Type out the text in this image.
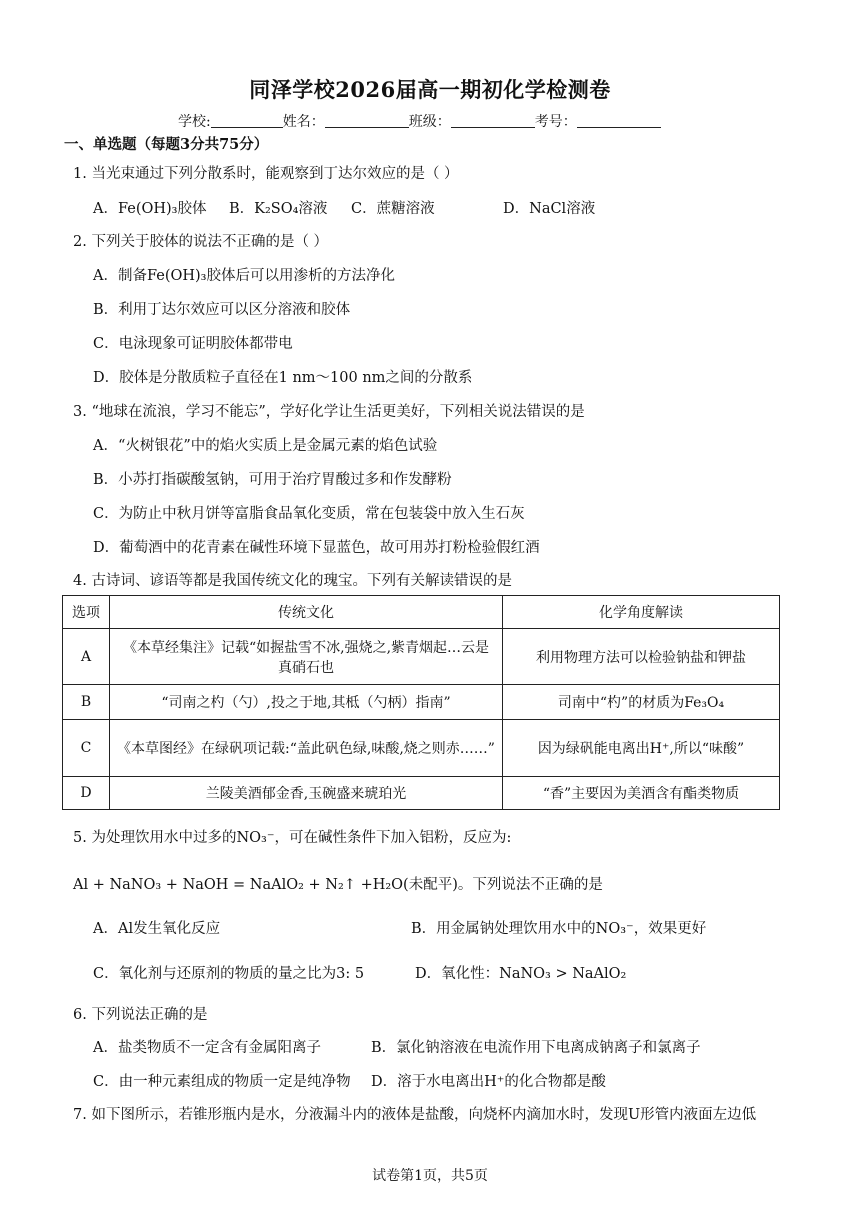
同泽学校2026届高一期初化学检测卷
学校:	姓名：	班级：	考号：
一、单选题（每题3分共75分）
1. 当光束通过下列分散系时，能观察到丁达尔效应的是（ ）
A．Fe(OH)₃胶体 B．K₂SO₄溶液 C．蔗糖溶液	D．NaCl溶液
2. 下列关于胶体的说法不正确的是（ ）
A．制备Fe(OH)₃胶体后可以用渗析的方法净化
B．利用丁达尔效应可以区分溶液和胶体
C．电泳现象可证明胶体都带电
D．胶体是分散质粒子直径在1 nm～100 nm之间的分散系
3. “地球在流浪，学习不能忘”，学好化学让生活更美好，下列相关说法错误的是
A．“火树银花”中的焰火实质上是金属元素的焰色试验
B．小苏打指碳酸氢钠，可用于治疗胃酸过多和作发酵粉
C．为防止中秋月饼等富脂食品氧化变质，常在包装袋中放入生石灰
D．葡萄酒中的花青素在碱性环境下显蓝色，故可用苏打粉检验假红酒
4. 古诗词、谚语等都是我国传统文化的瑰宝。下列有关解读错误的是
选项	传统文化	化学角度解读
A	《本草经集注》记载“如握盐雪不冰,强烧之,紫青烟起…云是真硝石也	利用物理方法可以检验钠盐和钾盐
B	“司南之杓（勺）,投之于地,其柢（勺柄）指南”	司南中“杓”的材质为Fe₃O₄
C	《本草图经》在绿矾项记载:“盖此矾色绿,味酸,烧之则赤……”	因为绿矾能电离出H⁺,所以“味酸”
D	兰陵美酒郁金香,玉碗盛来琥珀光	“香”主要因为美酒含有酯类物质
5. 为处理饮用水中过多的NO₃⁻，可在碱性条件下加入铝粉，反应为:
Al + NaNO₃ + NaOH = NaAlO₂ + N₂↑ +H₂O(未配平)。下列说法不正确的是
A．Al发生氧化反应	B．用金属钠处理饮用水中的NO₃⁻，效果更好
C．氧化剂与还原剂的物质的量之比为3: 5	D．氧化性：NaNO₃ > NaAlO₂
6. 下列说法正确的是
A．盐类物质不一定含有金属阳离子	B．氯化钠溶液在电流作用下电离成钠离子和氯离子
C．由一种元素组成的物质一定是纯净物 D．溶于水电离出H⁺的化合物都是酸
7. 如下图所示，若锥形瓶内是水，分液漏斗内的液体是盐酸，向烧杯内滴加水时，发现U形管内液面左边低
试卷第1页，共5页
